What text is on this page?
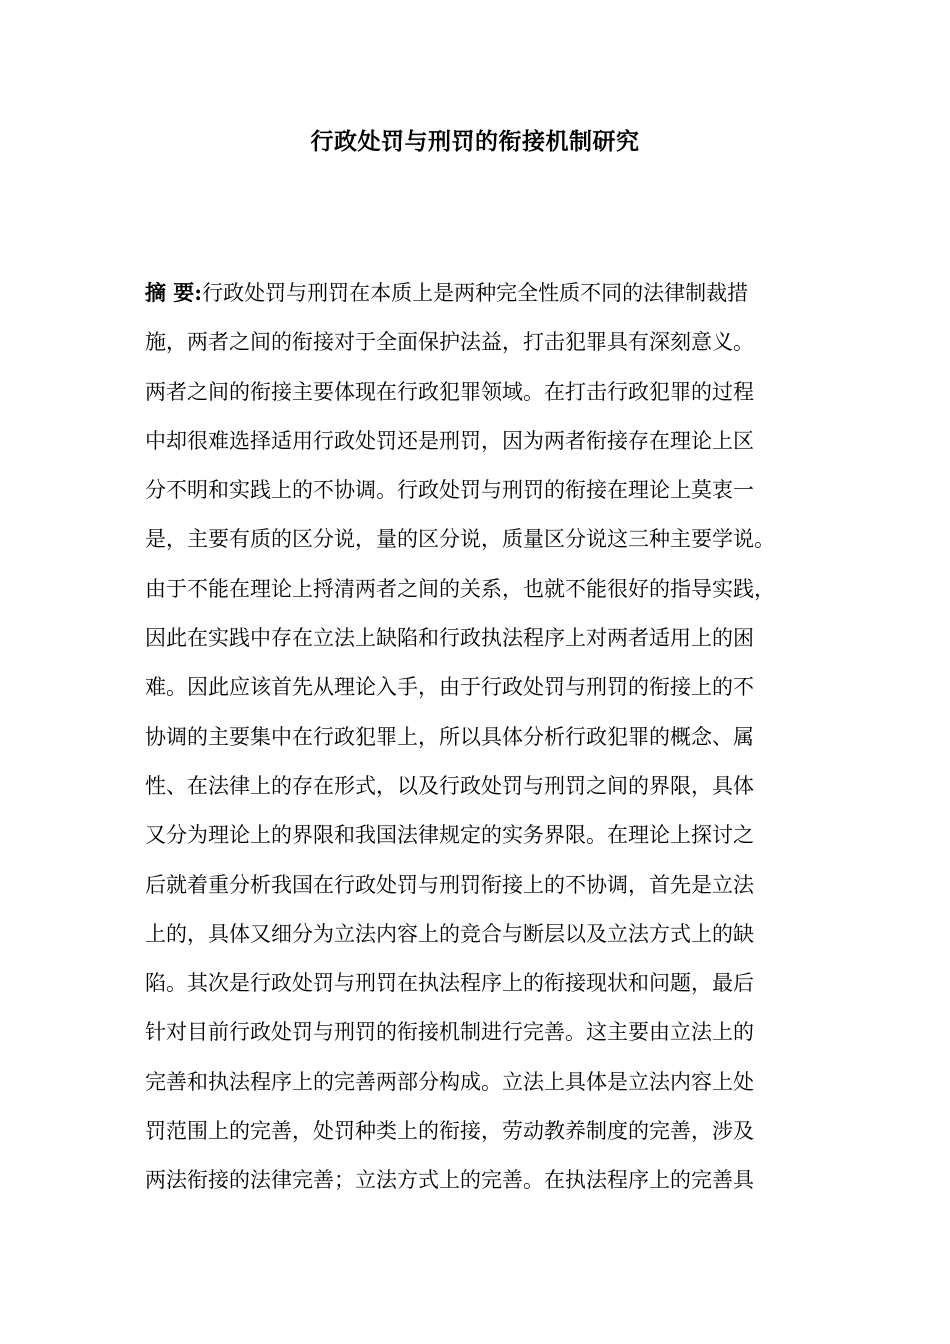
行政处罚与刑罚的衔接机制研究
摘 要:行政处罚与刑罚在本质上是两种完全性质不同的法律制裁措
施，两者之间的衔接对于全面保护法益，打击犯罪具有深刻意义。
两者之间的衔接主要体现在行政犯罪领域。在打击行政犯罪的过程
中却很难选择适用行政处罚还是刑罚，因为两者衔接存在理论上区
分不明和实践上的不协调。行政处罚与刑罚的衔接在理论上莫衷一
是，主要有质的区分说，量的区分说，质量区分说这三种主要学说。
由于不能在理论上捋清两者之间的关系，也就不能很好的指导实践，
因此在实践中存在立法上缺陷和行政执法程序上对两者适用上的困
难。因此应该首先从理论入手，由于行政处罚与刑罚的衔接上的不
协调的主要集中在行政犯罪上，所以具体分析行政犯罪的概念、属
性、在法律上的存在形式，以及行政处罚与刑罚之间的界限，具体
又分为理论上的界限和我国法律规定的实务界限。在理论上探讨之
后就着重分析我国在行政处罚与刑罚衔接上的不协调，首先是立法
上的，具体又细分为立法内容上的竞合与断层以及立法方式上的缺
陷。其次是行政处罚与刑罚在执法程序上的衔接现状和问题，最后
针对目前行政处罚与刑罚的衔接机制进行完善。这主要由立法上的
完善和执法程序上的完善两部分构成。立法上具体是立法内容上处
罚范围上的完善，处罚种类上的衔接，劳动教养制度的完善，涉及
两法衔接的法律完善；立法方式上的完善。在执法程序上的完善具
